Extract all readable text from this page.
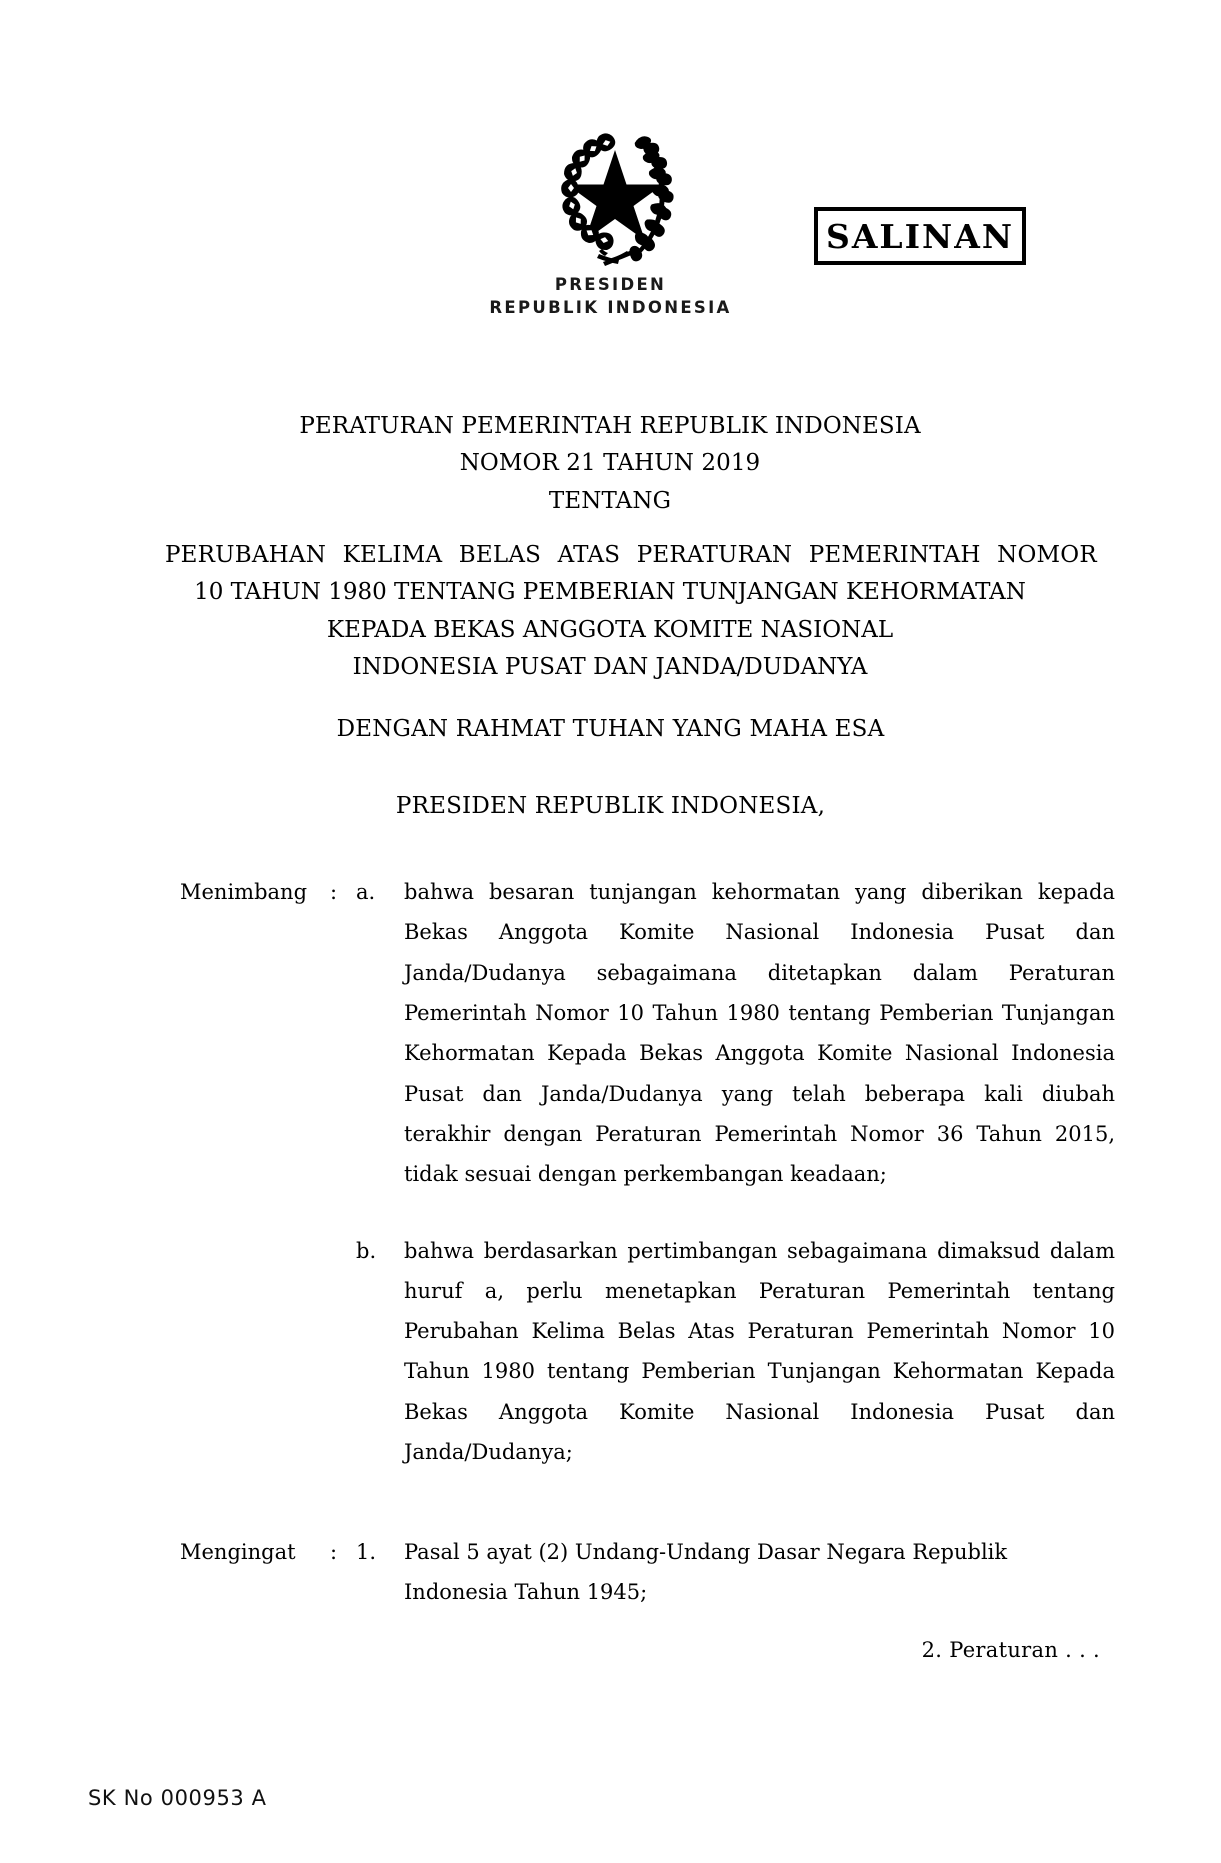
PRESIDEN
REPUBLIK INDONESIA
SALINAN
PERATURAN PEMERINTAH REPUBLIK INDONESIA
NOMOR 21 TAHUN 2019
TENTANG
PERUBAHAN KELIMA BELAS ATAS PERATURAN PEMERINTAH NOMOR
10 TAHUN 1980 TENTANG PEMBERIAN TUNJANGAN KEHORMATAN
KEPADA BEKAS ANGGOTA KOMITE NASIONAL
INDONESIA PUSAT DAN JANDA/DUDANYA
DENGAN RAHMAT TUHAN YANG MAHA ESA
PRESIDEN REPUBLIK INDONESIA,
Menimbang	: a.	bahwa besaran tunjangan kehormatan yang diberikan kepada Bekas Anggota Komite Nasional Indonesia Pusat dan Janda/Dudanya sebagaimana ditetapkan dalam Peraturan Pemerintah Nomor 10 Tahun 1980 tentang Pemberian Tunjangan Kehormatan Kepada Bekas Anggota Komite Nasional Indonesia Pusat dan Janda/Dudanya yang telah beberapa kali diubah terakhir dengan Peraturan Pemerintah Nomor 36 Tahun 2015, tidak sesuai dengan perkembangan keadaan;
b.	bahwa berdasarkan pertimbangan sebagaimana dimaksud dalam huruf a, perlu menetapkan Peraturan Pemerintah tentang Perubahan Kelima Belas Atas Peraturan Pemerintah Nomor 10 Tahun 1980 tentang Pemberian Tunjangan Kehormatan Kepada Bekas Anggota Komite Nasional Indonesia Pusat dan Janda/Dudanya;
Mengingat	: 1.	Pasal 5 ayat (2) Undang-Undang Dasar Negara Republik Indonesia Tahun 1945;
2. Peraturan . . .
SK No 000953 A
